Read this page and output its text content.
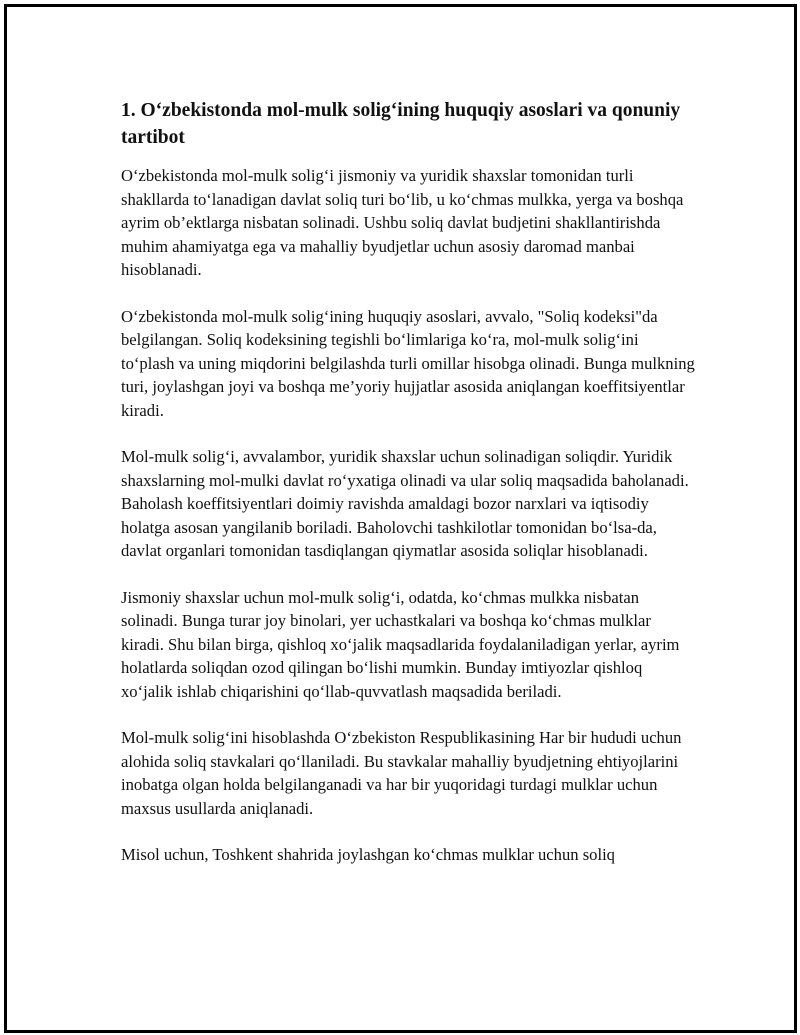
1. O‘zbekistonda mol-mulk solig‘ining huquqiy asoslari va qonuniy tartibot

O‘zbekistonda mol-mulk solig‘i jismoniy va yuridik shaxslar tomonidan turli shakllarda to‘lanadigan davlat soliq turi bo‘lib, u ko‘chmas mulkka, yerga va boshqa ayrim ob’ektlarga nisbatan solinadi. Ushbu soliq davlat budjetini shakllantirishda muhim ahamiyatga ega va mahalliy byudjetlar uchun asosiy daromad manbai hisoblanadi.

O‘zbekistonda mol-mulk solig‘ining huquqiy asoslari, avvalo, "Soliq kodeksi"da belgilangan. Soliq kodeksining tegishli bo‘limlariga ko‘ra, mol-mulk solig‘ini to‘plash va uning miqdorini belgilashda turli omillar hisobga olinadi. Bunga mulkning turi, joylashgan joyi va boshqa me’yoriy hujjatlar asosida aniqlangan koeffitsiyentlar kiradi.

Mol-mulk solig‘i, avvalambor, yuridik shaxslar uchun solinadigan soliqdir. Yuridik shaxslarning mol-mulki davlat ro‘yxatiga olinadi va ular soliq maqsadida baholanadi. Baholash koeffitsiyentlari doimiy ravishda amaldagi bozor narxlari va iqtisodiy holatga asosan yangilanib boriladi. Baholovchi tashkilotlar tomonidan bo‘lsa-da, davlat organlari tomonidan tasdiqlangan qiymatlar asosida soliqlar hisoblanadi.

Jismoniy shaxslar uchun mol-mulk solig‘i, odatda, ko‘chmas mulkka nisbatan solinadi. Bunga turar joy binolari, yer uchastkalari va boshqa ko‘chmas mulklar kiradi. Shu bilan birga, qishloq xo‘jalik maqsadlarida foydalaniladigan yerlar, ayrim holatlarda soliqdan ozod qilingan bo‘lishi mumkin. Bunday imtiyozlar qishloq xo‘jalik ishlab chiqarishini qo‘llab-quvvatlash maqsadida beriladi.

Mol-mulk solig‘ini hisoblashda O‘zbekiston Respublikasining Har bir hududi uchun alohida soliq stavkalari qo‘llaniladi. Bu stavkalar mahalliy byudjetning ehtiyojlarini inobatga olgan holda belgilanganadi va har bir yuqoridagi turdagi mulklar uchun maxsus usullarda aniqlanadi.

Misol uchun, Toshkent shahrida joylashgan ko‘chmas mulklar uchun soliq
